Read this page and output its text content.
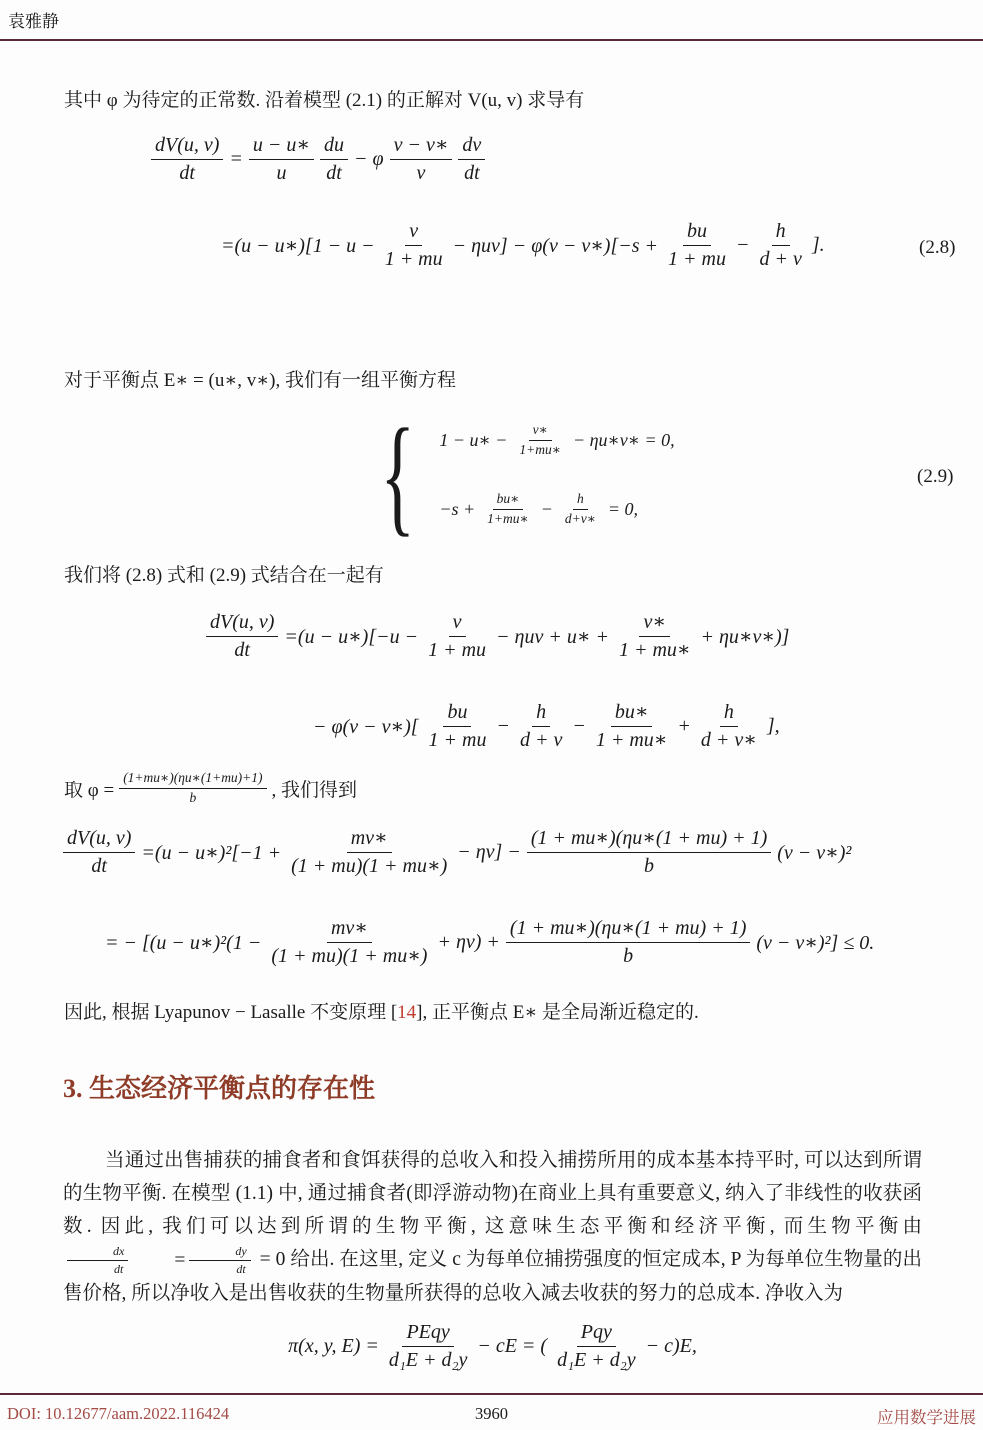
袁雅静
其中 φ 为待定的正常数. 沿着模型 (2.1) 的正解对 V(u, v) 求导有
$\frac{dV(u, v)}{dt} = \frac{u - u∗}{u} \frac{du}{dt} - \varphi \frac{v - v∗}{v} \frac{dv}{dt}$
=(u − u∗)[1 − $u - \frac{v}{1 + mu} - \eta uv] - \varphi(v$ − v∗)[−s + $\frac{bu}{1 + mu} - \frac{h}{d + v}$ ].	(2.8)
对于平衡点 E∗ = (u∗, v∗), 我们有一组平衡方程
{ 1 − u∗ − $\frac{v∗}{1+mu∗}$ − ηu∗v∗ = 0,
$-s + \frac{bu∗}{1+mu∗} - \frac{h}{d+v∗} = 0$,
(2.9)
我们将 (2.8) 式和 (2.9) 式结合在一起有
$\frac{dV(u, v)}{dt} =(u$ − u∗)[−u − $\frac{v}{1 + mu} - \eta uv$ + u∗ + $\frac{v∗}{1 + mu∗}$ + ηu∗v∗)]
− φ(v − v∗)[ $\frac{bu}{1 + mu} - \frac{h}{d + v} - \frac{bu∗}{1 + mu∗} + \frac{h}{d + v∗}$ ],
取 $\varphi = \frac{(1+mu∗)(\eta u∗(1+mu)+1)}{b}$ , 我们得到
$\frac{dV(u, v)}{dt} =(u$ − u∗)²[−1 + $\frac{mv∗}{(1 + mu)(1 + mu∗)} - \eta v] - \frac{(1 + mu∗)(\eta u∗(1 + mu) + 1)}{b} (v$ − v∗)²
= − [(u − u∗)²(1 − $\frac{mv∗}{(1 + mu)(1 + mu∗)} + \eta v) + \frac{(1 + mu∗)(\eta u∗(1 + mu) + 1)}{b} (v$ − v∗)²] ≤ 0.
因此, 根据 Lyapunov − Lasalle 不变原理 [14], 正平衡点 E∗ 是全局渐近稳定的.
3. 生态经济平衡点的存在性
当通过出售捕获的捕食者和食饵获得的总收入和投入捕捞所用的成本基本持平时, 可以达到所谓的生物平衡. 在模型 (1.1) 中, 通过捕食者(即浮游动物)在商业上具有重要意义, 纳入了非线性的收获函数. 因此, 我们可以达到所谓的生物平衡, 这意味生态平衡和经济平衡, 而生物平衡由
$\frac{dx}{dt}$	= $\frac{dy}{dt} = 0$ 给出. 在这里, 定义 c 为每单位捕捞强度的恒定成本, P 为每单位生物量的出售价格, 所以净收入是出售收获的生物量所获得的总收入减去收获的努力的总成本. 净收入为
π(x, y, $E) = \frac{\text{PEqy}}{\text{d₁E + d₂y}}$ − cE = ( $\frac{\text{Pqy}}{\text{d₁E + d₂y}} - c)E$,
DOI: 10.12677/aam.2022.116424	3960	应用数学进展
